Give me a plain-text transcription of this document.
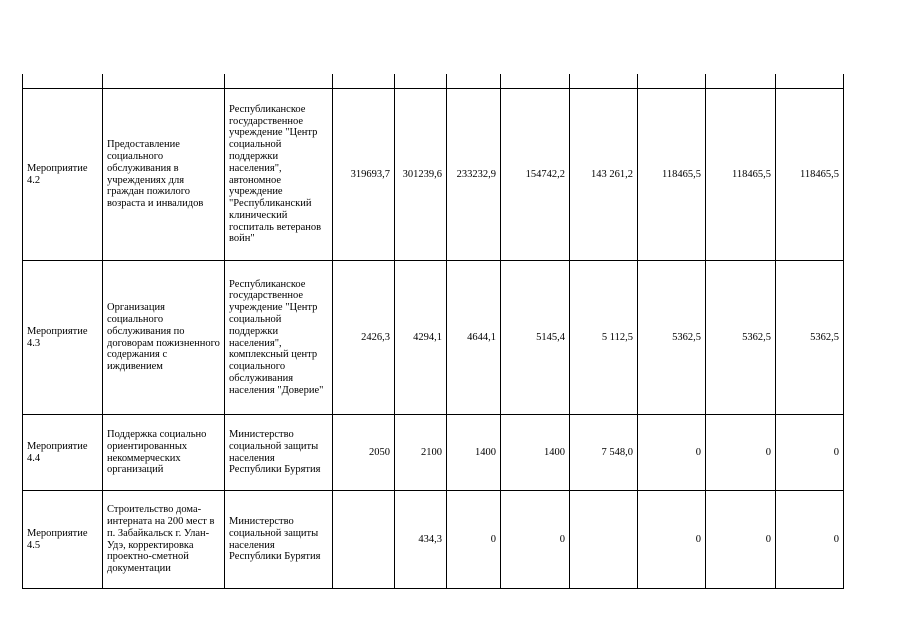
Мероприятие 4.2	Предоставление социального обслуживания в учреждениях для граждан пожилого возраста и инвалидов	Республиканское государственное учреждение "Центр социальной поддержки населения", автономное учреждение "Республиканский клинический госпиталь ветеранов войн"	319693,7	301239,6	233232,9	154742,2	143 261,2	118465,5	118465,5	118465,5
Мероприятие 4.3	Организация социального обслуживания по договорам пожизненного содержания с иждивением	Республиканское государственное учреждение "Центр социальной поддержки населения", комплексный центр социального обслуживания населения "Доверие"	2426,3	4294,1	4644,1	5145,4	5 112,5	5362,5	5362,5	5362,5
Мероприятие 4.4	Поддержка социально ориентированных некоммерческих организаций	Министерство социальной защиты населения Республики Бурятия	2050	2100	1400	1400	7 548,0	0	0	0
Мероприятие 4.5	Строительство дома-интерната на 200 мест в п. Забайкальск г. Улан-Удэ, корректировка проектно-сметной документации	Министерство социальной защиты населения Республики Бурятия		434,3	0	0		0	0	0
